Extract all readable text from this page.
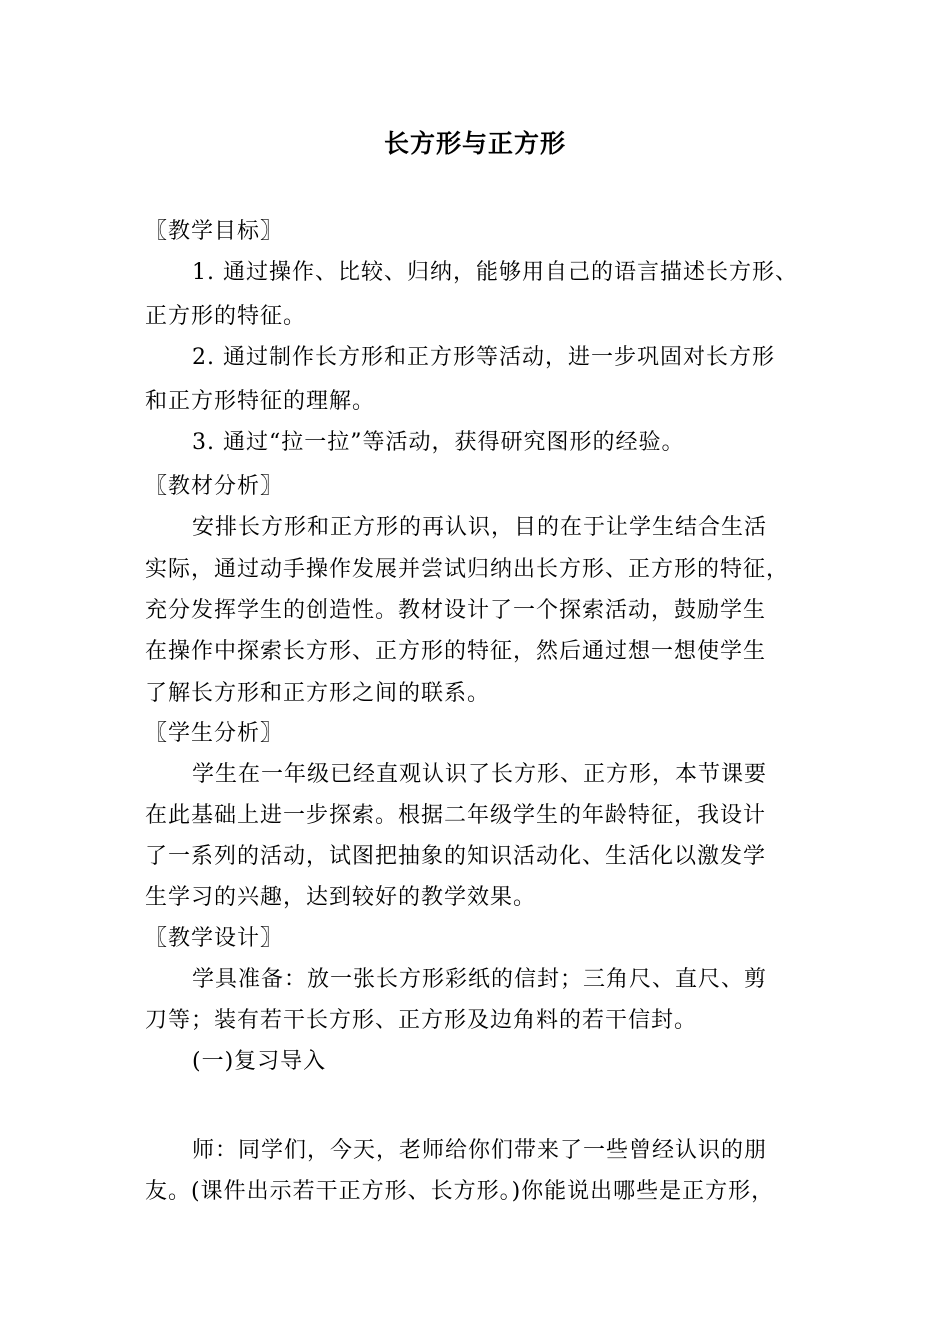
长方形与正方形
〖教学目标〗
1. 通过操作、比较、归纳，能够用自己的语言描述长方形、
正方形的特征。
2. 通过制作长方形和正方形等活动，进一步巩固对长方形
和正方形特征的理解。
3. 通过“拉一拉”等活动，获得研究图形的经验。
〖教材分析〗
安排长方形和正方形的再认识，目的在于让学生结合生活
实际，通过动手操作发展并尝试归纳出长方形、正方形的特征，
充分发挥学生的创造性。教材设计了一个探索活动，鼓励学生
在操作中探索长方形、正方形的特征，然后通过想一想使学生
了解长方形和正方形之间的联系。
〖学生分析〗
学生在一年级已经直观认识了长方形、正方形，本节课要
在此基础上进一步探索。根据二年级学生的年龄特征，我设计
了一系列的活动，试图把抽象的知识活动化、生活化以激发学
生学习的兴趣，达到较好的教学效果。
〖教学设计〗
学具准备：放一张长方形彩纸的信封；三角尺、直尺、剪
刀等；装有若干长方形、正方形及边角料的若干信封。
(一)复习导入
师：同学们，今天，老师给你们带来了一些曾经认识的朋
友。(课件出示若干正方形、长方形。)你能说出哪些是正方形，
